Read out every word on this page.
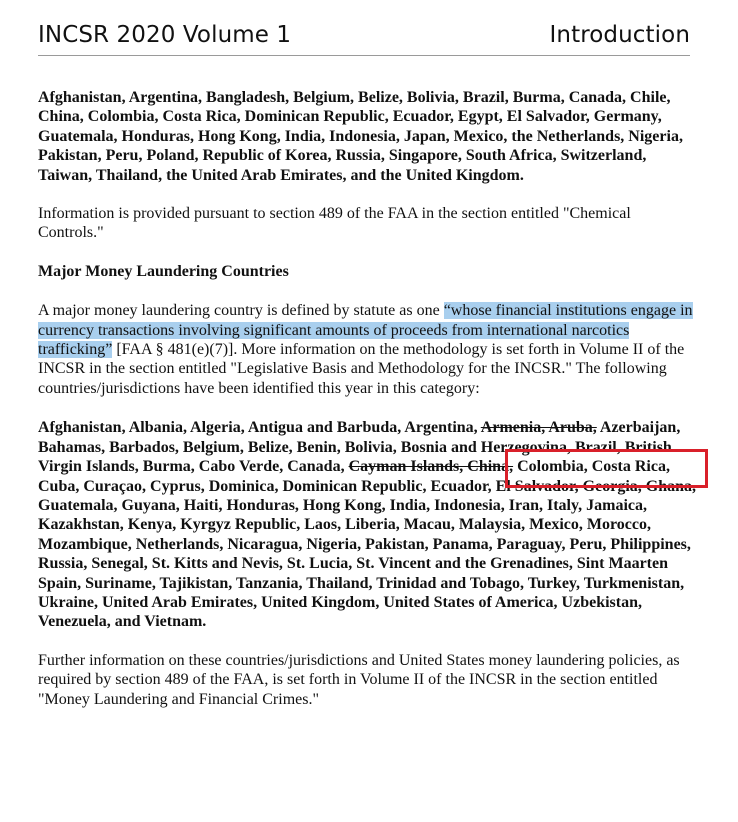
INCSR 2020 Volume 1	Introduction

Afghanistan, Argentina, Bangladesh, Belgium, Belize, Bolivia, Brazil, Burma, Canada, Chile, China, Colombia, Costa Rica, Dominican Republic, Ecuador, Egypt, El Salvador, Germany, Guatemala, Honduras, Hong Kong, India, Indonesia, Japan, Mexico, the Netherlands, Nigeria, Pakistan, Peru, Poland, Republic of Korea, Russia, Singapore, South Africa, Switzerland, Taiwan, Thailand, the United Arab Emirates, and the United Kingdom.

Information is provided pursuant to section 489 of the FAA in the section entitled "Chemical Controls."

Major Money Laundering Countries

A major money laundering country is defined by statute as one “whose financial institutions engage in currency transactions involving significant amounts of proceeds from international narcotics trafficking” [FAA § 481(e)(7)]. More information on the methodology is set forth in Volume II of the INCSR in the section entitled "Legislative Basis and Methodology for the INCSR." The following countries/jurisdictions have been identified this year in this category:

Afghanistan, Albania, Algeria, Antigua and Barbuda, Argentina, Armenia, Aruba, Azerbaijan, Bahamas, Barbados, Belgium, Belize, Benin, Bolivia, Bosnia and Herzegovina, Brazil, British Virgin Islands, Burma, Cabo Verde, Canada, Cayman Islands, China, Colombia, Costa Rica, Cuba, Curaçao, Cyprus, Dominica, Dominican Republic, Ecuador, El Salvador, Georgia, Ghana, Guatemala, Guyana, Haiti, Honduras, Hong Kong, India, Indonesia, Iran, Italy, Jamaica, Kazakhstan, Kenya, Kyrgyz Republic, Laos, Liberia, Macau, Malaysia, Mexico, Morocco, Mozambique, Netherlands, Nicaragua, Nigeria, Pakistan, Panama, Paraguay, Peru, Philippines, Russia, Senegal, St. Kitts and Nevis, St. Lucia, St. Vincent and the Grenadines, Sint Maarten Spain, Suriname, Tajikistan, Tanzania, Thailand, Trinidad and Tobago, Turkey, Turkmenistan, Ukraine, United Arab Emirates, United Kingdom, United States of America, Uzbekistan, Venezuela, and Vietnam.

Further information on these countries/jurisdictions and United States money laundering policies, as required by section 489 of the FAA, is set forth in Volume II of the INCSR in the section entitled "Money Laundering and Financial Crimes."
